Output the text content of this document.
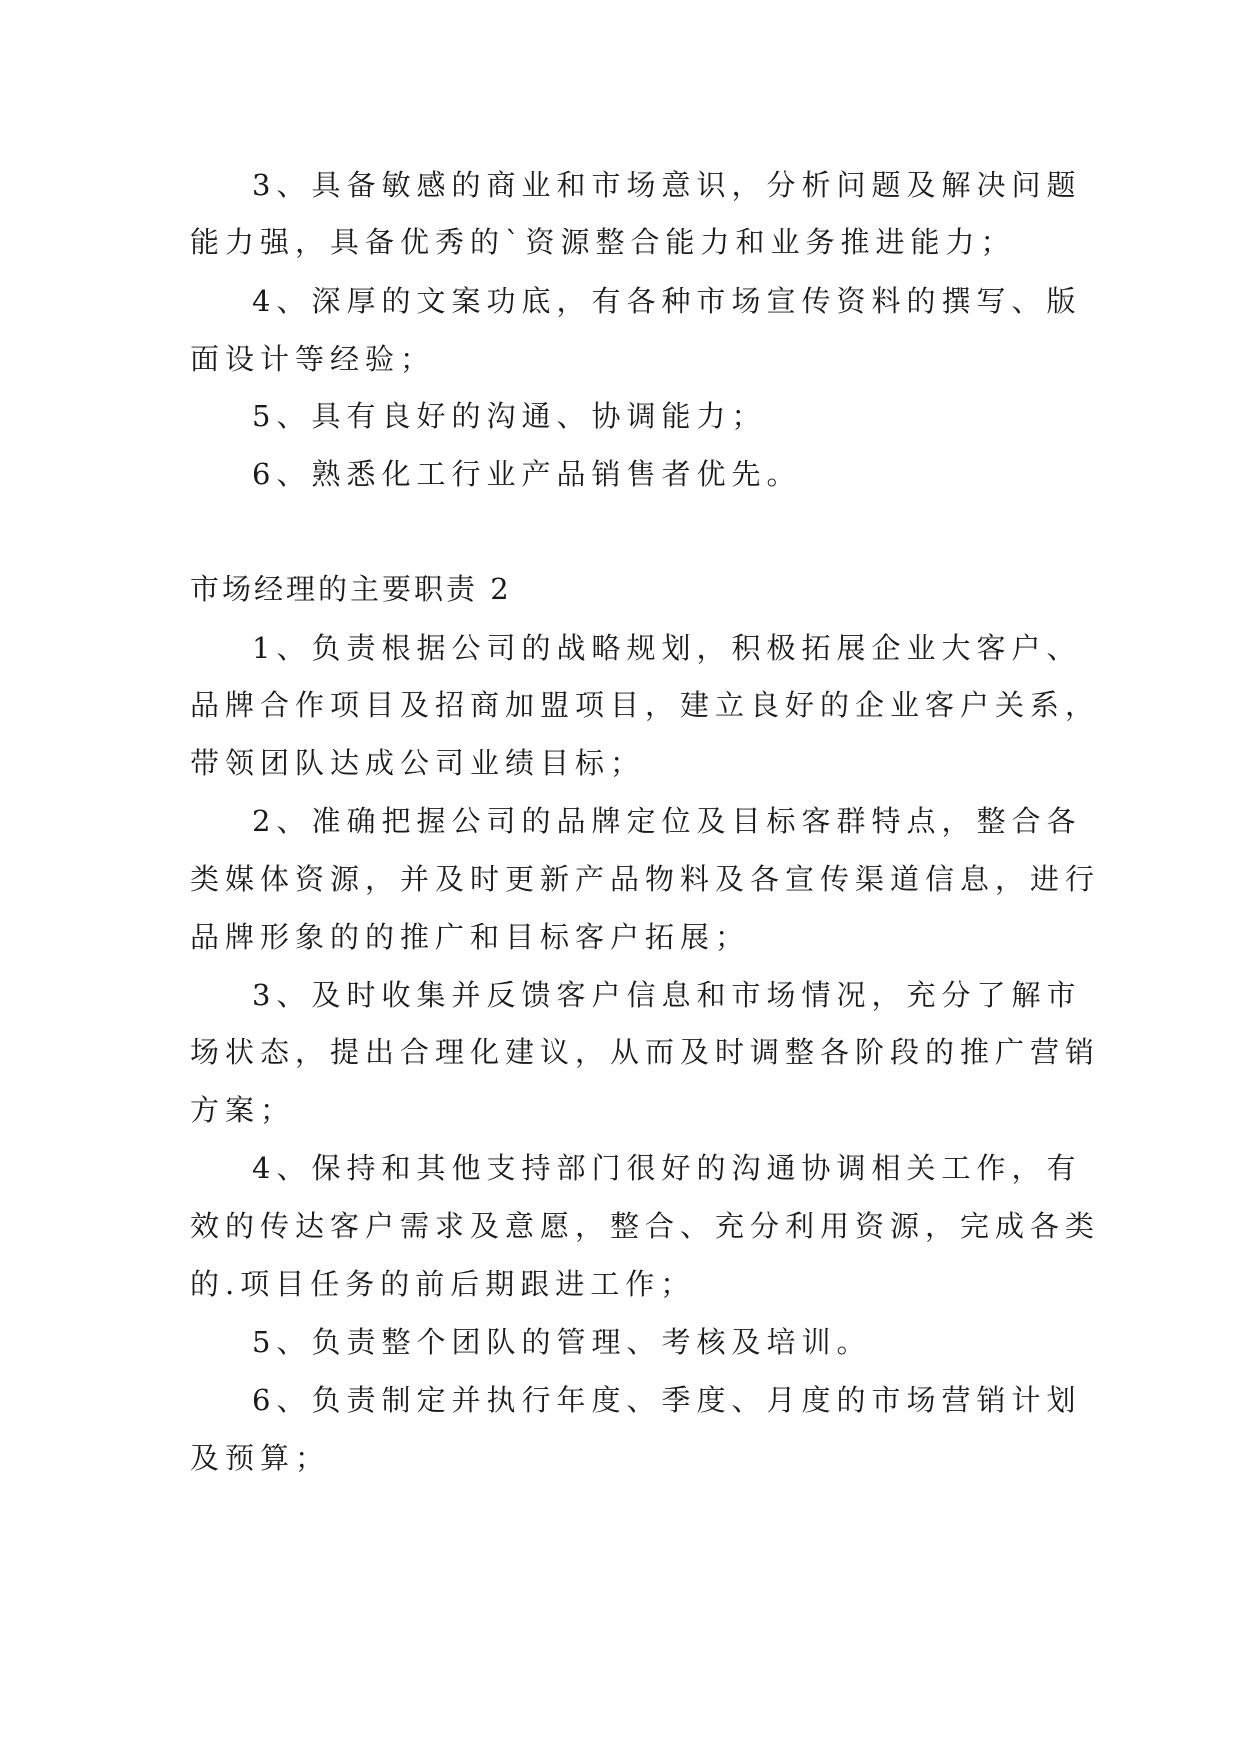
3、具备敏感的商业和市场意识，分析问题及解决问题
能力强，具备优秀的`资源整合能力和业务推进能力；
4、深厚的文案功底，有各种市场宣传资料的撰写、版
面设计等经验；
5、具有良好的沟通、协调能力；
6、熟悉化工行业产品销售者优先。
市场经理的主要职责 2
1、负责根据公司的战略规划，积极拓展企业大客户、
品牌合作项目及招商加盟项目，建立良好的企业客户关系，
带领团队达成公司业绩目标；
2、准确把握公司的品牌定位及目标客群特点，整合各
类媒体资源，并及时更新产品物料及各宣传渠道信息，进行
品牌形象的的推广和目标客户拓展；
3、及时收集并反馈客户信息和市场情况，充分了解市
场状态，提出合理化建议，从而及时调整各阶段的推广营销
方案；
4、保持和其他支持部门很好的沟通协调相关工作，有
效的传达客户需求及意愿，整合、充分利用资源，完成各类
的.项目任务的前后期跟进工作；
5、负责整个团队的管理、考核及培训。
6、负责制定并执行年度、季度、月度的市场营销计划
及预算；
